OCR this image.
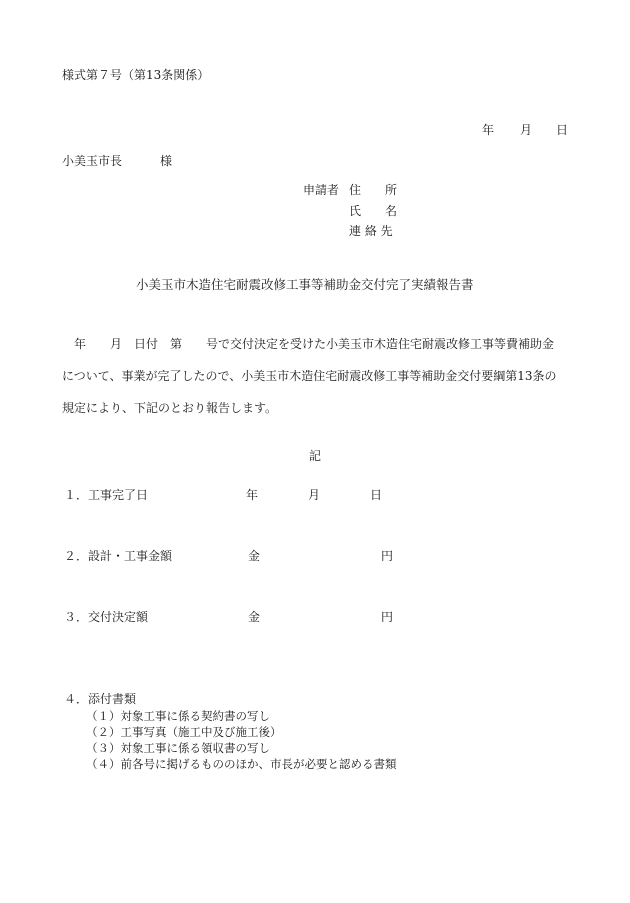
様式第７号（第13条関係）
年 月 日
小美玉市長	様
申請者 住　　所
氏　　名
連 絡 先
小美玉市木造住宅耐震改修工事等補助金交付完了実績報告書
年　　月　日付　第　　号で交付決定を受けた小美玉市木造住宅耐震改修工事等費補助金
について、事業が完了したので、小美玉市木造住宅耐震改修工事等補助金交付要綱第13条の
規定により、下記のとおり報告します。
記
１．工事完了日	年	月	日
２．設計・工事金額	金	円
３．交付決定額	金	円
４．添付書類
（１）対象工事に係る契約書の写し
（２）工事写真（施工中及び施工後）
（３）対象工事に係る領収書の写し
（４）前各号に掲げるもののほか、市長が必要と認める書類
